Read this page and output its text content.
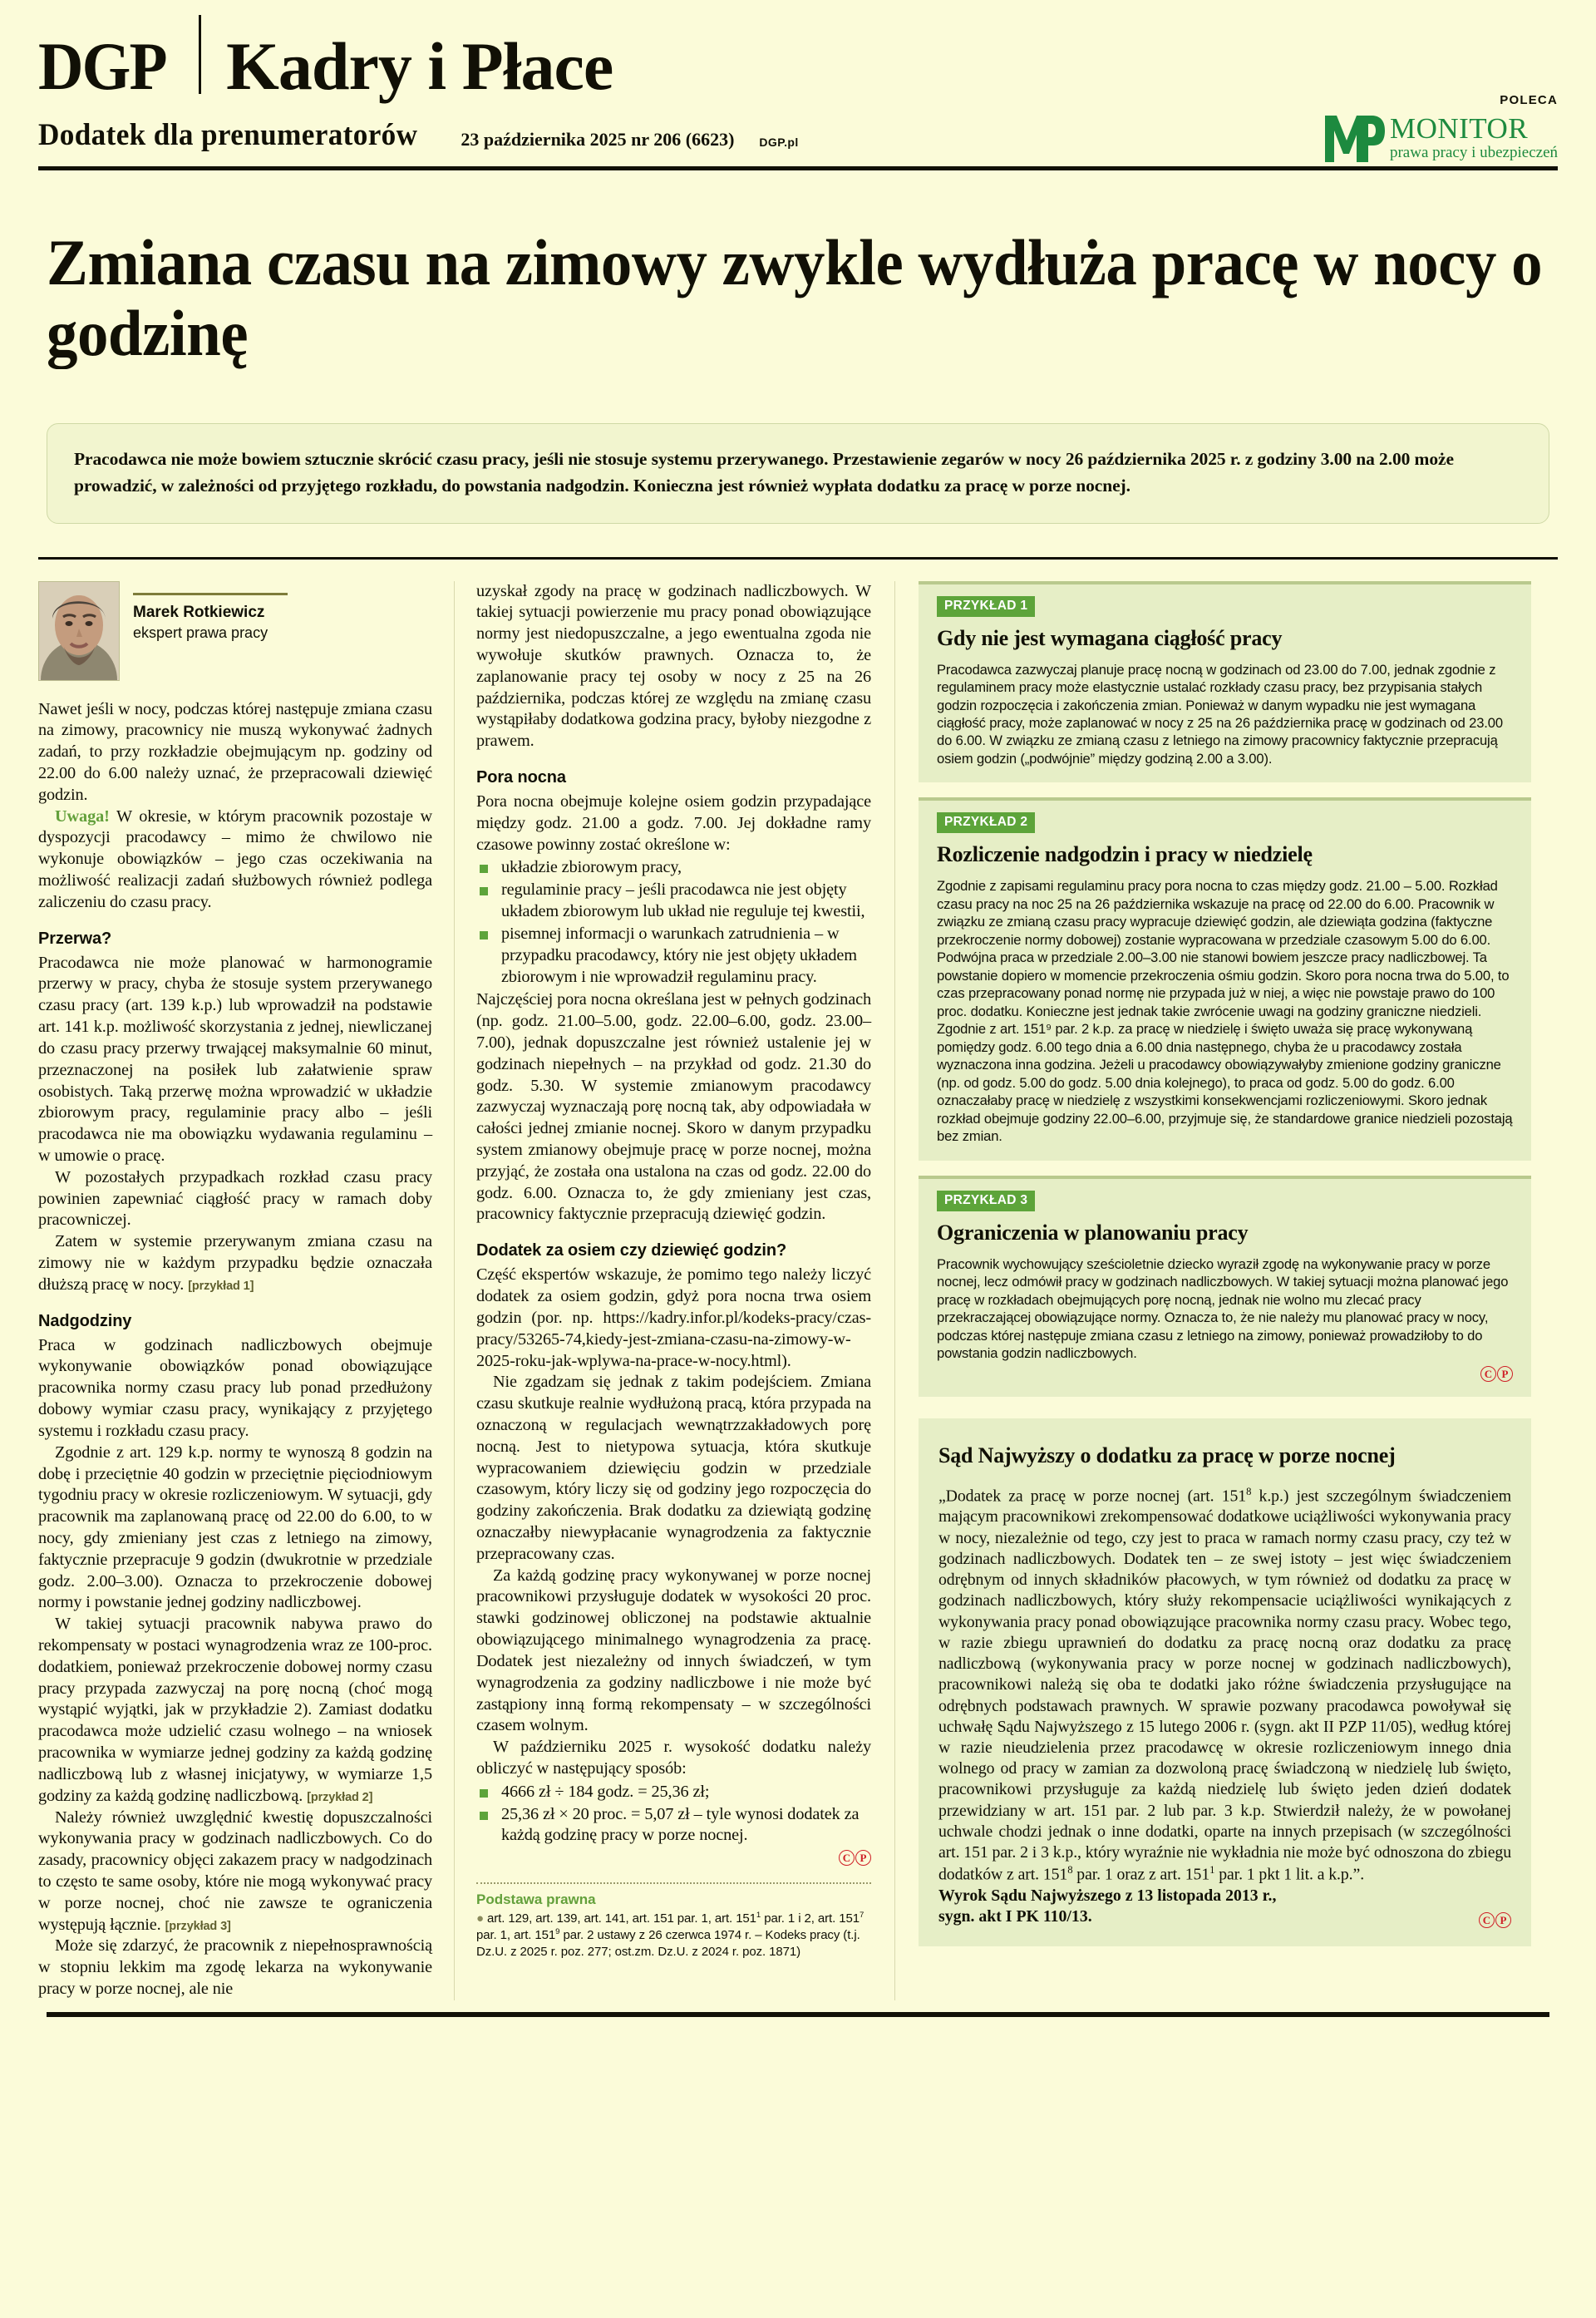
DGP Kadry i Płace
Dodatek dla prenumeratorów 23 października 2025 nr 206 (6623) DGP.pl
POLECA
MONITOR
prawa pracy i ubezpieczeń
Zmiana czasu na zimowy zwykle wydłuża pracę w nocy o godzinę
Pracodawca nie może bowiem sztucznie skrócić czasu pracy, jeśli nie stosuje systemu przerywanego. Przestawienie zegarów w nocy 26 października 2025 r. z godziny 3.00 na 2.00 może prowadzić, w zależności od przyjętego rozkładu, do powstania nadgodzin. Konieczna jest również wypłata dodatku za pracę w porze nocnej.
Marek Rotkiewicz
ekspert prawa pracy

Nawet jeśli w nocy, podczas której następuje zmiana czasu na zimowy, pracownicy nie muszą wykonywać żadnych zadań, to przy rozkładzie obejmującym np. godziny od 22.00 do 6.00 należy uznać, że przepracowali dziewięć godzin.

Uwaga! W okresie, w którym pracownik pozostaje w dyspozycji pracodawcy – mimo że chwilowo nie wykonuje obowiązków – jego czas oczekiwania na możliwość realizacji zadań służbowych również podlega zaliczeniu do czasu pracy.

Przerwa?

Pracodawca nie może planować w harmonogramie przerwy w pracy, chyba że stosuje system przerywanego czasu pracy (art. 139 k.p.) lub wprowadził na podstawie art. 141 k.p. możliwość skorzystania z jednej, niewliczanej do czasu pracy przerwy trwającej maksymalnie 60 minut, przeznaczonej na posiłek lub załatwienie spraw osobistych. Taką przerwę można wprowadzić w układzie zbiorowym pracy, regulaminie pracy albo – jeśli pracodawca nie ma obowiązku wydawania regulaminu – w umowie o pracę.

W pozostałych przypadkach rozkład czasu pracy powinien zapewniać ciągłość pracy w ramach doby pracowniczej.

Zatem w systemie przerywanym zmiana czasu na zimowy nie w każdym przypadku będzie oznaczała dłuższą pracę w nocy. [przykład 1]

Nadgodziny

Praca w godzinach nadliczbowych obejmuje wykonywanie obowiązków ponad obowiązujące pracownika normy czasu pracy lub ponad przedłużony dobowy wymiar czasu pracy, wynikający z przyjętego systemu i rozkładu czasu pracy.

Zgodnie z art. 129 k.p. normy te wynoszą 8 godzin na dobę i przeciętnie 40 godzin w przeciętnie pięciodniowym tygodniu pracy w okresie rozliczeniowym. W sytuacji, gdy pracownik ma zaplanowaną pracę od 22.00 do 6.00, to w nocy, gdy zmieniany jest czas z letniego na zimowy, faktycznie przepracuje 9 godzin (dwukrotnie w przedziale godz. 2.00–3.00). Oznacza to przekroczenie dobowej normy i powstanie jednej godziny nadliczbowej.

W takiej sytuacji pracownik nabywa prawo do rekompensaty w postaci wynagrodzenia wraz ze 100-proc. dodatkiem, ponieważ przekroczenie dobowej normy czasu pracy przypada zazwyczaj na porę nocną (choć mogą wystąpić wyjątki, jak w przykładzie 2). Zamiast dodatku pracodawca może udzielić czasu wolnego – na wniosek pracownika w wymiarze jednej godziny za każdą godzinę nadliczbową lub z własnej inicjatywy, w wymiarze 1,5 godziny za każdą godzinę nadliczbową. [przykład 2]

Należy również uwzględnić kwestię dopuszczalności wykonywania pracy w godzinach nadliczbowych. Co do zasady, pracownicy objęci zakazem pracy w nadgodzinach to często te same osoby, które nie mogą wykonywać pracy w porze nocnej, choć nie zawsze te ograniczenia występują łącznie. [przykład 3]

Może się zdarzyć, że pracownik z niepełnosprawnością w stopniu lekkim ma zgodę lekarza na wykonywanie pracy w porze nocnej, ale nie

uzyskał zgody na pracę w godzinach nadliczbowych. W takiej sytuacji powierzenie mu pracy ponad obowiązujące normy jest niedopuszczalne, a jego ewentualna zgoda nie wywołuje skutków prawnych. Oznacza to, że zaplanowanie pracy tej osoby w nocy z 25 na 26 października, podczas której ze względu na zmianę czasu wystąpiłaby dodatkowa godzina pracy, byłoby niezgodne z prawem.

Pora nocna

Pora nocna obejmuje kolejne osiem godzin przypadające między godz. 21.00 a godz. 7.00. Jej dokładne ramy czasowe powinny zostać określone w:

układzie zbiorowym pracy,
regulaminie pracy – jeśli pracodawca nie jest objęty układem zbiorowym lub układ nie reguluje tej kwestii,
pisemnej informacji o warunkach zatrudnienia – w przypadku pracodawcy, który nie jest objęty układem zbiorowym i nie wprowadził regulaminu pracy.

Najczęściej pora nocna określana jest w pełnych godzinach (np. godz. 21.00–5.00, godz. 22.00–6.00, godz. 23.00–7.00), jednak dopuszczalne jest również ustalenie jej w godzinach niepełnych – na przykład od godz. 21.30 do godz. 5.30. W systemie zmianowym pracodawcy zazwyczaj wyznaczają porę nocną tak, aby odpowiadała w całości jednej zmianie nocnej. Skoro w danym przypadku system zmianowy obejmuje pracę w porze nocnej, można przyjąć, że została ona ustalona na czas od godz. 22.00 do godz. 6.00. Oznacza to, że gdy zmieniany jest czas, pracownicy faktycznie przepracują dziewięć godzin.

Dodatek za osiem czy dziewięć godzin?

Część ekspertów wskazuje, że pomimo tego należy liczyć dodatek za osiem godzin, gdyż pora nocna trwa osiem godzin (por. np. https://kadry.infor.pl/kodeks-pracy/czas-pracy/53265-74,kiedy-jest-zmiana-czasu-na-zimowy-w-2025-roku-jak-wplywa-na-prace-w-nocy.html).

Nie zgadzam się jednak z takim podejściem. Zmiana czasu skutkuje realnie wydłużoną pracą, która przypada na oznaczoną w regulacjach wewnątrzzakładowych porę nocną. Jest to nietypowa sytuacja, która skutkuje wypracowaniem dziewięciu godzin w przedziale czasowym, który liczy się od godziny jego rozpoczęcia do godziny zakończenia. Brak dodatku za dziewiątą godzinę oznaczałby niewypłacanie wynagrodzenia za faktycznie przepracowany czas.

Za każdą godzinę pracy wykonywanej w porze nocnej pracownikowi przysługuje dodatek w wysokości 20 proc. stawki godzinowej obliczonej na podstawie aktualnie obowiązującego minimalnego wynagrodzenia za pracę. Dodatek jest niezależny od innych świadczeń, w tym wynagrodzenia za godziny nadliczbowe i nie może być zastąpiony inną formą rekompensaty – w szczególności czasem wolnym.

W październiku 2025 r. wysokość dodatku należy obliczyć w następujący sposób:

4666 zł ÷ 184 godz. = 25,36 zł;
25,36 zł × 20 proc. = 5,07 zł – tyle wynosi dodatek za każdą godzinę pracy w porze nocnej.
C P
Podstawa prawna
● art. 129, art. 139, art. 141, art. 151 par. 1, art. $151^1$ par. 1 i 2, art. $151^7$ par. 1, art. $151^9$ par. 2 ustawy z 26 czerwca 1974 r. – Kodeks pracy (t.j. Dz.U. z 2025 r. poz. 277; ost.zm. Dz.U. z 2024 r. poz. 1871)
PRZYKŁAD 1
Gdy nie jest wymagana ciągłość pracy
Pracodawca zazwyczaj planuje pracę nocną w godzinach od 23.00 do 7.00, jednak zgodnie z regulaminem pracy może elastycznie ustalać rozkłady czasu pracy, bez przypisania stałych godzin rozpoczęcia i zakończenia zmian. Ponieważ w danym wypadku nie jest wymagana ciągłość pracy, może zaplanować w nocy z 25 na 26 października pracę w godzinach od 23.00 do 6.00. W związku ze zmianą czasu z letniego na zimowy pracownicy faktycznie przepracują osiem godzin („podwójnie” między godziną 2.00 a 3.00).
PRZYKŁAD 2
Rozliczenie nadgodzin i pracy w niedzielę
Zgodnie z zapisami regulaminu pracy pora nocna to czas między godz. 21.00 – 5.00. Rozkład czasu pracy na noc 25 na 26 października wskazuje na pracę od 22.00 do 6.00. Pracownik w związku ze zmianą czasu pracy wypracuje dziewięć godzin, ale dziewiąta godzina (faktyczne przekroczenie normy dobowej) zostanie wypracowana w przedziale czasowym 5.00 do 6.00. Podwójna praca w przedziale 2.00–3.00 nie stanowi bowiem jeszcze pracy nadliczbowej. Ta powstanie dopiero w momencie przekroczenia ośmiu godzin. Skoro pora nocna trwa do 5.00, to czas przepracowany ponad normę nie przypada już w niej, a więc nie powstaje prawo do 100 proc. dodatku. Konieczne jest jednak takie zwrócenie uwagi na godziny graniczne niedzieli. Zgodnie z art. 151⁹ par. 2 k.p. za pracę w niedzielę i święto uważa się pracę wykonywaną pomiędzy godz. 6.00 tego dnia a 6.00 dnia następnego, chyba że u pracodawcy została wyznaczona inna godzina. Jeżeli u pracodawcy obowiązywałyby zmienione godziny graniczne (np. od godz. 5.00 do godz. 5.00 dnia kolejnego), to praca od godz. 5.00 do godz. 6.00 oznaczałaby pracę w niedzielę z wszystkimi konsekwencjami rozliczeniowymi. Skoro jednak rozkład obejmuje godziny 22.00–6.00, przyjmuje się, że standardowe granice niedzieli pozostają bez zmian.
PRZYKŁAD 3
Ograniczenia w planowaniu pracy
Pracownik wychowujący sześcioletnie dziecko wyraził zgodę na wykonywanie pracy w porze nocnej, lecz odmówił pracy w godzinach nadliczbowych. W takiej sytuacji można planować jego pracę w rozkładach obejmujących porę nocną, jednak nie wolno mu zlecać pracy przekraczającej obowiązujące normy. Oznacza to, że nie należy mu planować pracy w nocy, podczas której następuje zmiana czasu z letniego na zimowy, ponieważ prowadziłoby to do powstania godzin nadliczbowych.
C P
Sąd Najwyższy o dodatku za pracę w porze nocnej
„Dodatek za pracę w porze nocnej (art. $151^8$ k.p.) jest szczególnym świadczeniem mającym pracownikowi zrekompensować dodatkowe uciążliwości wykonywania pracy w nocy, niezależnie od tego, czy jest to praca w ramach normy czasu pracy, czy też w godzinach nadliczbowych. Dodatek ten – ze swej istoty – jest więc świadczeniem odrębnym od innych składników płacowych, w tym również od dodatku za pracę w godzinach nadliczbowych, który służy rekompensacie uciążliwości wynikających z wykonywania pracy ponad obowiązujące pracownika normy czasu pracy. Wobec tego, w razie zbiegu uprawnień do dodatku za pracę nocną oraz dodatku za pracę nadliczbową (wykonywania pracy w porze nocnej w godzinach nadliczbowych), pracownikowi należą się oba te dodatki jako różne świadczenia przysługujące na odrębnych podstawach prawnych. W sprawie pozwany pracodawca powoływał się uchwałę Sądu Najwyższego z 15 lutego 2006 r. (sygn. akt II PZP 11/05), według której w razie nieudzielenia przez pracodawcę w okresie rozliczeniowym innego dnia wolnego od pracy w zamian za dozwoloną pracę świadczoną w niedzielę lub święto, pracownikowi przysługuje za każdą niedzielę lub święto jeden dzień dodatek przewidziany w art. 151 par. 2 lub par. 3 k.p. Stwierdził należy, że w powołanej uchwale chodzi jednak o inne dodatki, oparte na innych przepisach (w szczególności art. 151 par. 2 i 3 k.p., który wyraźnie nie wykładnia nie może być odnoszona do zbiegu dodatków z art. $151^8$ par. 1 oraz z art. $151^1$ par. 1 pkt 1 lit. a k.p.”.
Wyrok Sądu Najwyższego z 13 listopada 2013 r.,
sygn. akt I PK 110/13.	C P
